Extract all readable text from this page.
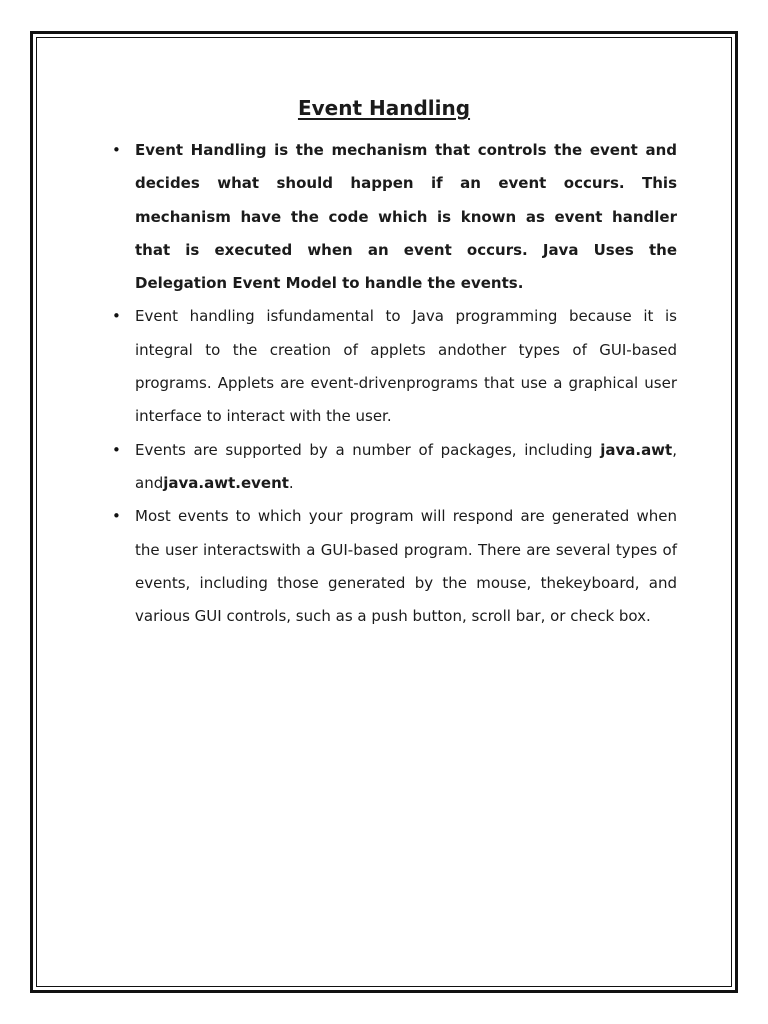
Event Handling
• Event Handling is the mechanism that controls the event and decides what should happen if an event occurs. This mechanism have the code which is known as event handler that is executed when an event occurs. Java Uses the Delegation Event Model to handle the events.
• Event handling isfundamental to Java programming because it is integral to the creation of applets andother types of GUI-based programs. Applets are event-drivenprograms that use a graphical user interface to interact with the user.
• Events are supported by a number of packages, including java.awt, andjava.awt.event.
• Most events to which your program will respond are generated when the user interactswith a GUI-based program. There are several types of events, including those generated by the mouse, thekeyboard, and various GUI controls, such as a push button, scroll bar, or check box.
